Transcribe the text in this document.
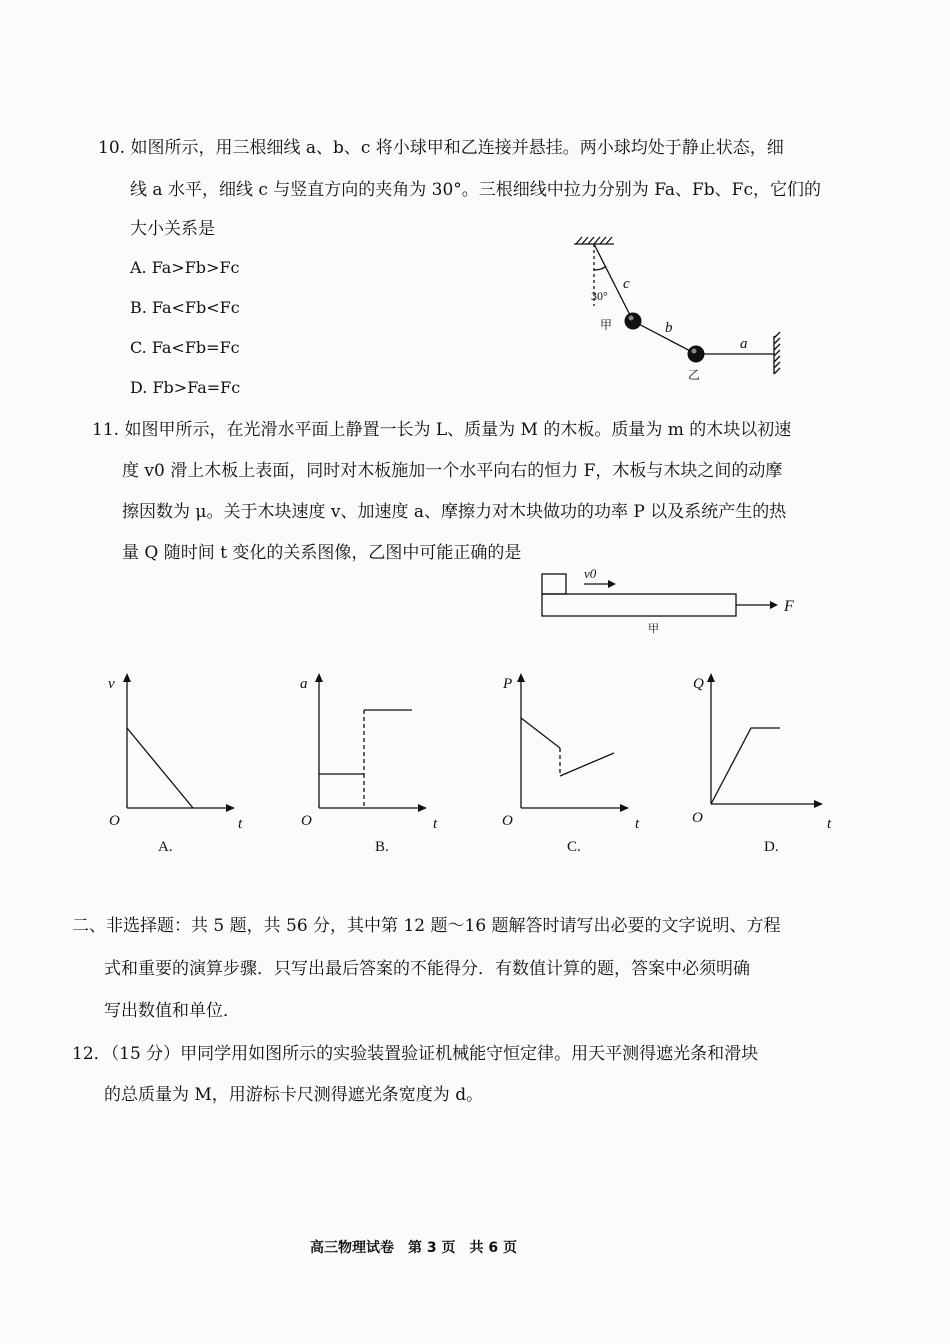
10. 如图所示，用三根细线 a、b、c 将小球甲和乙连接并悬挂。两小球均处于静止状态，细
线 a 水平，细线 c 与竖直方向的夹角为 30°。三根细线中拉力分别为 Fa、Fb、Fc，它们的
大小关系是
A. Fa>Fb>Fc
B. Fa<Fb<Fc
C. Fa<Fb=Fc
D. Fb>Fa=Fc
30°
c
b
a
甲
乙
11. 如图甲所示，在光滑水平面上静置一长为 L、质量为 M 的木板。质量为 m 的木块以初速
度 v0 滑上木板上表面，同时对木板施加一个水平向右的恒力 F，木板与木块之间的动摩
擦因数为 μ。关于木块速度 v、加速度 a、摩擦力对木块做功的功率 P 以及系统产生的热
量 Q 随时间 t 变化的关系图像，乙图中可能正确的是
v0
F
甲
v
t
O
A.
a
t
O
B.
P
t
O
C.
Q
t
O
D.
二、非选择题：共 5 题，共 56 分，其中第 12 题～16 题解答时请写出必要的文字说明、方程
式和重要的演算步骤．只写出最后答案的不能得分．有数值计算的题，答案中必须明确
写出数值和单位．
12．（15 分）甲同学用如图所示的实验装置验证机械能守恒定律。用天平测得遮光条和滑块
的总质量为 M，用游标卡尺测得遮光条宽度为 d。
高三物理试卷　第 3 页　共 6 页
